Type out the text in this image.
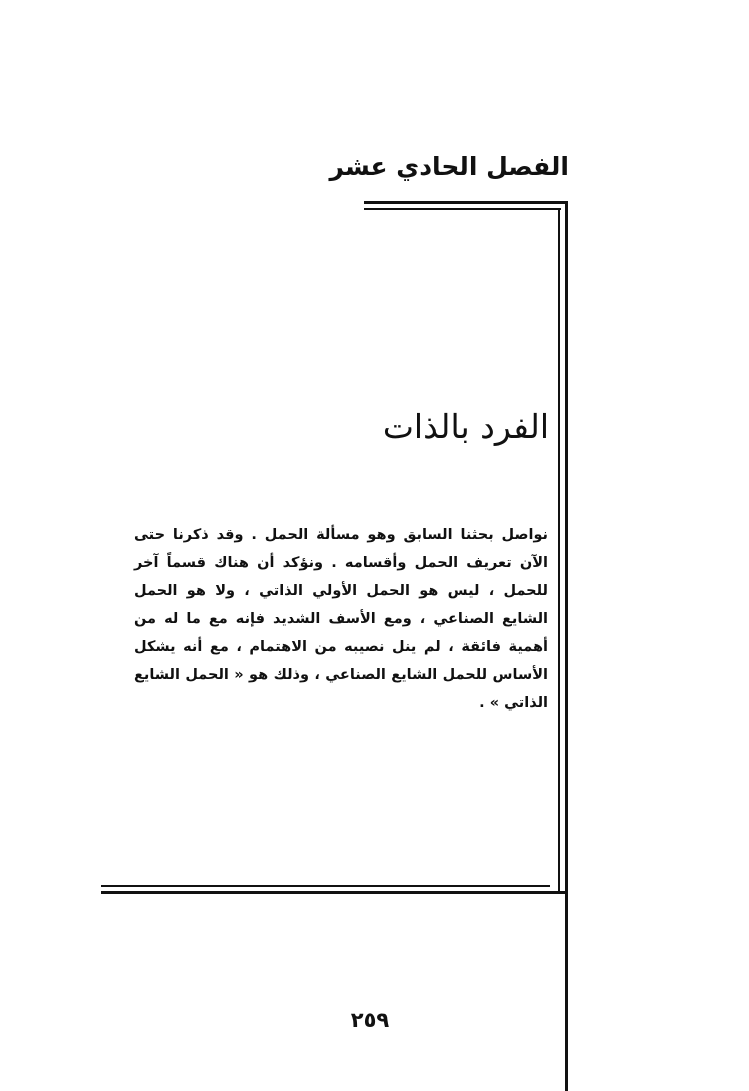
الفصل الحادي عشر
الفرد بالذات

نواصل بحثنا السابق وهو مسألة الحمل . وقد ذكرنا حتى الآن تعريف الحمل وأقسامه . ونؤكد أن هناك قسماً آخر للحمل ، ليس هو الحمل الأولي الذاتي ، ولا هو الحمل الشايع الصناعي ، ومع الأسف الشديد فإنه مع ما له من أهمية فائقة ، لم ينل نصيبه من الاهتمام ، مع أنه يشكل الأساس للحمل الشايع الصناعي ، وذلك هو « الحمل الشايع الذاتي » .

٢٥٩
